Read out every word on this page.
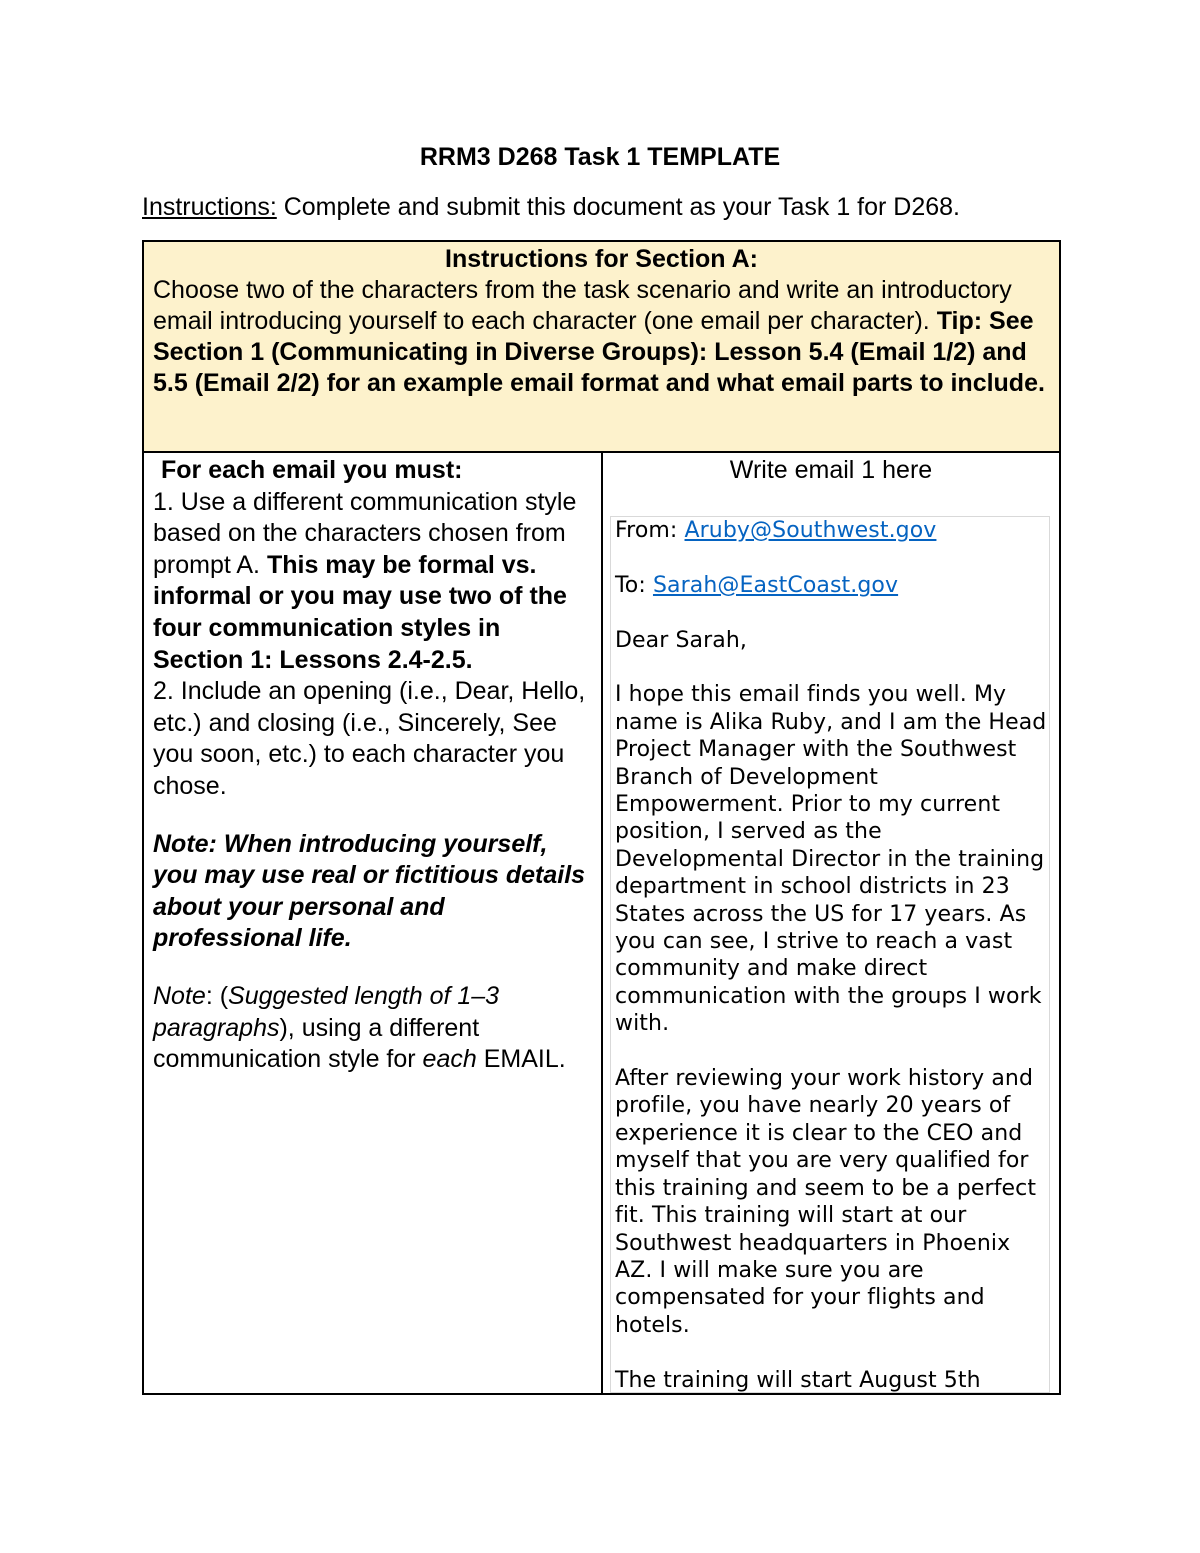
RRM3 D268 Task 1 TEMPLATE
Instructions: Complete and submit this document as your Task 1 for D268.
Instructions for Section A:
Choose two of the characters from the task scenario and write an introductory email introducing yourself to each character (one email per character). Tip: See Section 1 (Communicating in Diverse Groups): Lesson 5.4 (Email 1/2) and 5.5 (Email 2/2) for an example email format and what email parts to include.
For each email you must:
1. Use a different communication style based on the characters chosen from prompt A. This may be formal vs. informal or you may use two of the four communication styles in Section 1: Lessons 2.4-2.5.
2. Include an opening (i.e., Dear, Hello, etc.) and closing (i.e., Sincerely, See you soon, etc.) to each character you chose.
Note: When introducing yourself, you may use real or fictitious details about your personal and professional life.
Note: (Suggested length of 1–3 paragraphs), using a different communication style for each EMAIL.
Write email 1 here

From: Aruby@Southwest.gov

To: Sarah@EastCoast.gov

Dear Sarah,

I hope this email finds you well. My name is Alika Ruby, and I am the Head Project Manager with the Southwest Branch of Development Empowerment. Prior to my current position, I served as the Developmental Director in the training department in school districts in 23 States across the US for 17 years. As you can see, I strive to reach a vast community and make direct communication with the groups I work with.

After reviewing your work history and profile, you have nearly 20 years of experience it is clear to the CEO and myself that you are very qualified for this training and seem to be a perfect fit. This training will start at our Southwest headquarters in Phoenix AZ. I will make sure you are compensated for your flights and hotels.

The training will start August 5th
